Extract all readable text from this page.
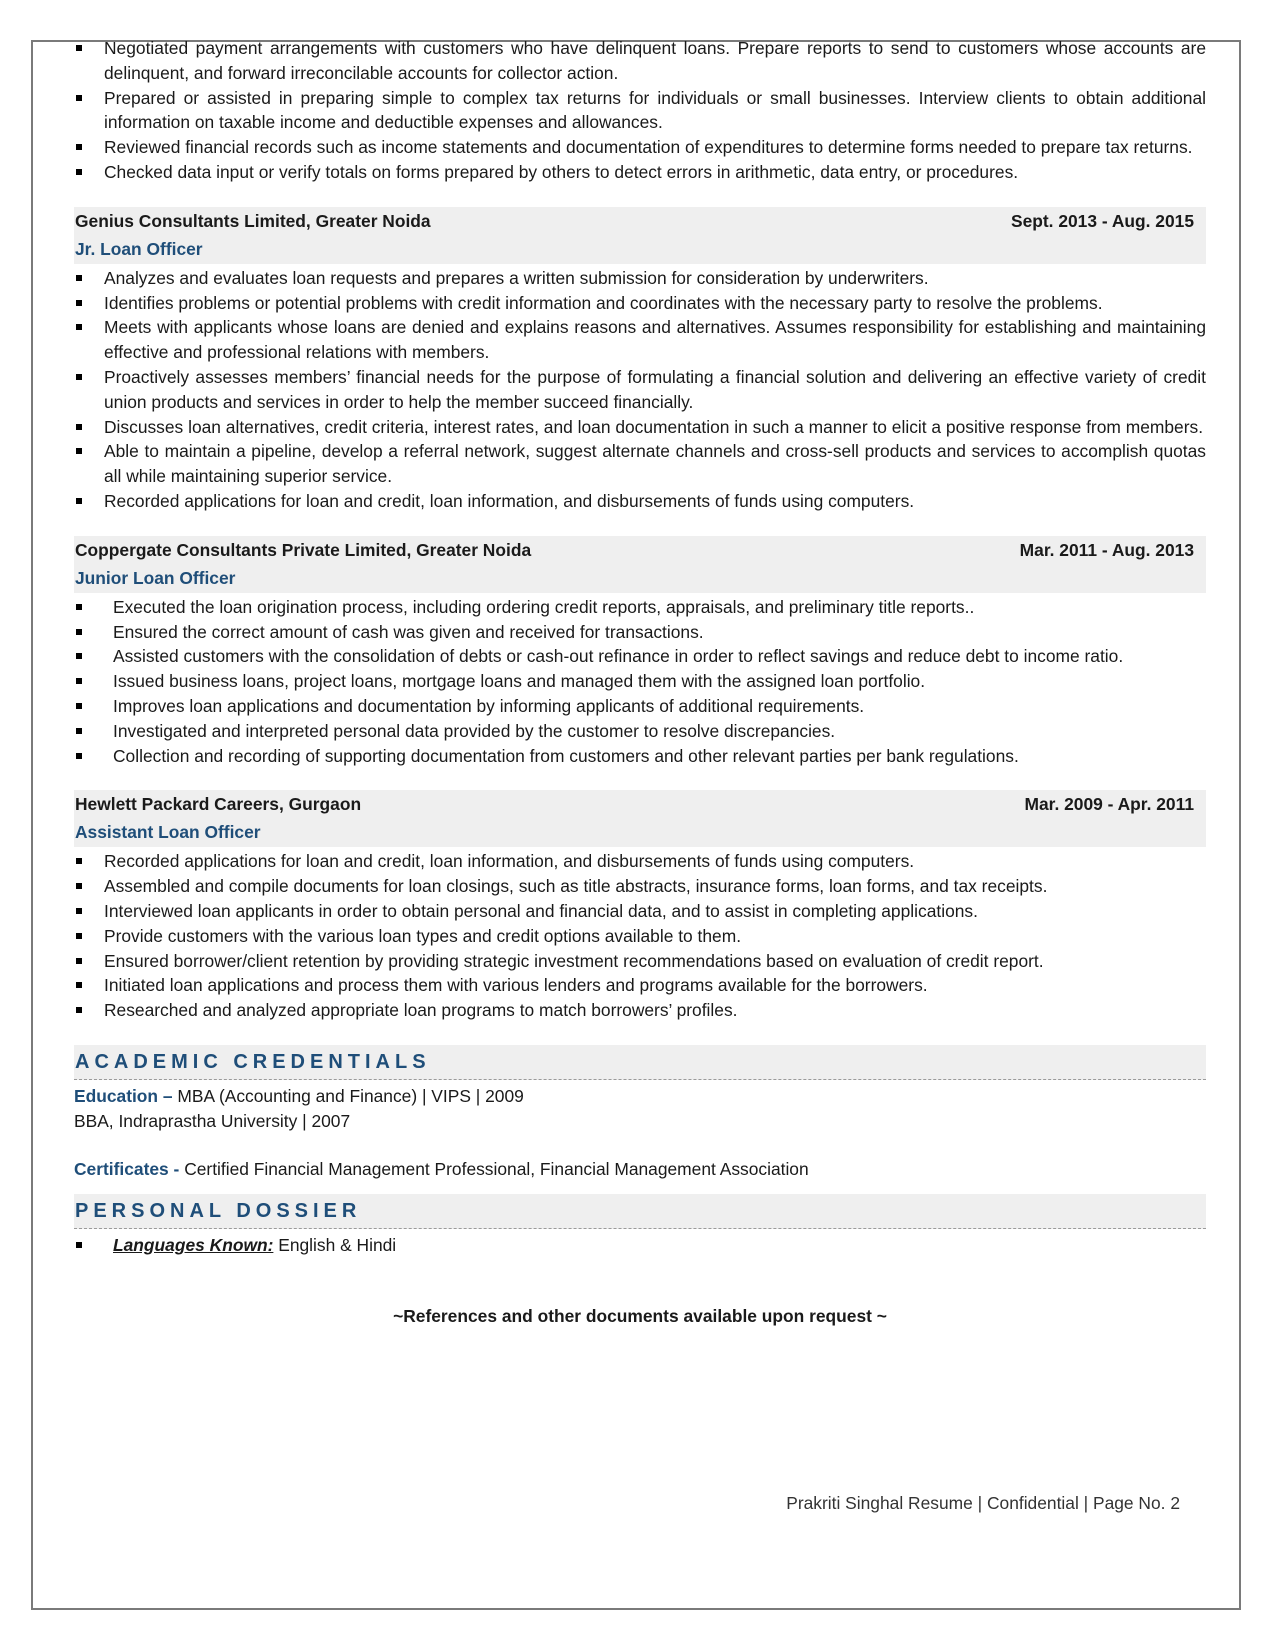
Negotiated payment arrangements with customers who have delinquent loans. Prepare reports to send to customers whose accounts are delinquent, and forward irreconcilable accounts for collector action.
Prepared or assisted in preparing simple to complex tax returns for individuals or small businesses. Interview clients to obtain additional information on taxable income and deductible expenses and allowances.
Reviewed financial records such as income statements and documentation of expenditures to determine forms needed to prepare tax returns.
Checked data input or verify totals on forms prepared by others to detect errors in arithmetic, data entry, or procedures.
Genius Consultants Limited, Greater Noida	Sept. 2013 - Aug. 2015
Jr. Loan Officer
Analyzes and evaluates loan requests and prepares a written submission for consideration by underwriters.
Identifies problems or potential problems with credit information and coordinates with the necessary party to resolve the problems.
Meets with applicants whose loans are denied and explains reasons and alternatives. Assumes responsibility for establishing and maintaining effective and professional relations with members.
Proactively assesses members’ financial needs for the purpose of formulating a financial solution and delivering an effective variety of credit union products and services in order to help the member succeed financially.
Discusses loan alternatives, credit criteria, interest rates, and loan documentation in such a manner to elicit a positive response from members.
Able to maintain a pipeline, develop a referral network, suggest alternate channels and cross-sell products and services to accomplish quotas all while maintaining superior service.
Recorded applications for loan and credit, loan information, and disbursements of funds using computers.
Coppergate Consultants Private Limited, Greater Noida	Mar. 2011 - Aug. 2013
Junior Loan Officer
Executed the loan origination process, including ordering credit reports, appraisals, and preliminary title reports..
Ensured the correct amount of cash was given and received for transactions.
Assisted customers with the consolidation of debts or cash-out refinance in order to reflect savings and reduce debt to income ratio.
Issued business loans, project loans, mortgage loans and managed them with the assigned loan portfolio.
Improves loan applications and documentation by informing applicants of additional requirements.
Investigated and interpreted personal data provided by the customer to resolve discrepancies.
Collection and recording of supporting documentation from customers and other relevant parties per bank regulations.
Hewlett Packard Careers, Gurgaon	Mar. 2009 - Apr. 2011
Assistant Loan Officer
Recorded applications for loan and credit, loan information, and disbursements of funds using computers.
Assembled and compile documents for loan closings, such as title abstracts, insurance forms, loan forms, and tax receipts.
Interviewed loan applicants in order to obtain personal and financial data, and to assist in completing applications.
Provide customers with the various loan types and credit options available to them.
Ensured borrower/client retention by providing strategic investment recommendations based on evaluation of credit report.
Initiated loan applications and process them with various lenders and programs available for the borrowers.
Researched and analyzed appropriate loan programs to match borrowers’ profiles.
ACADEMIC CREDENTIALS
Education – MBA (Accounting and Finance) | VIPS | 2009
BBA, Indraprastha University | 2007
Certificates - Certified Financial Management Professional, Financial Management Association
PERSONAL DOSSIER
Languages Known: English & Hindi
~References and other documents available upon request ~
Prakriti Singhal Resume | Confidential | Page No. 2
